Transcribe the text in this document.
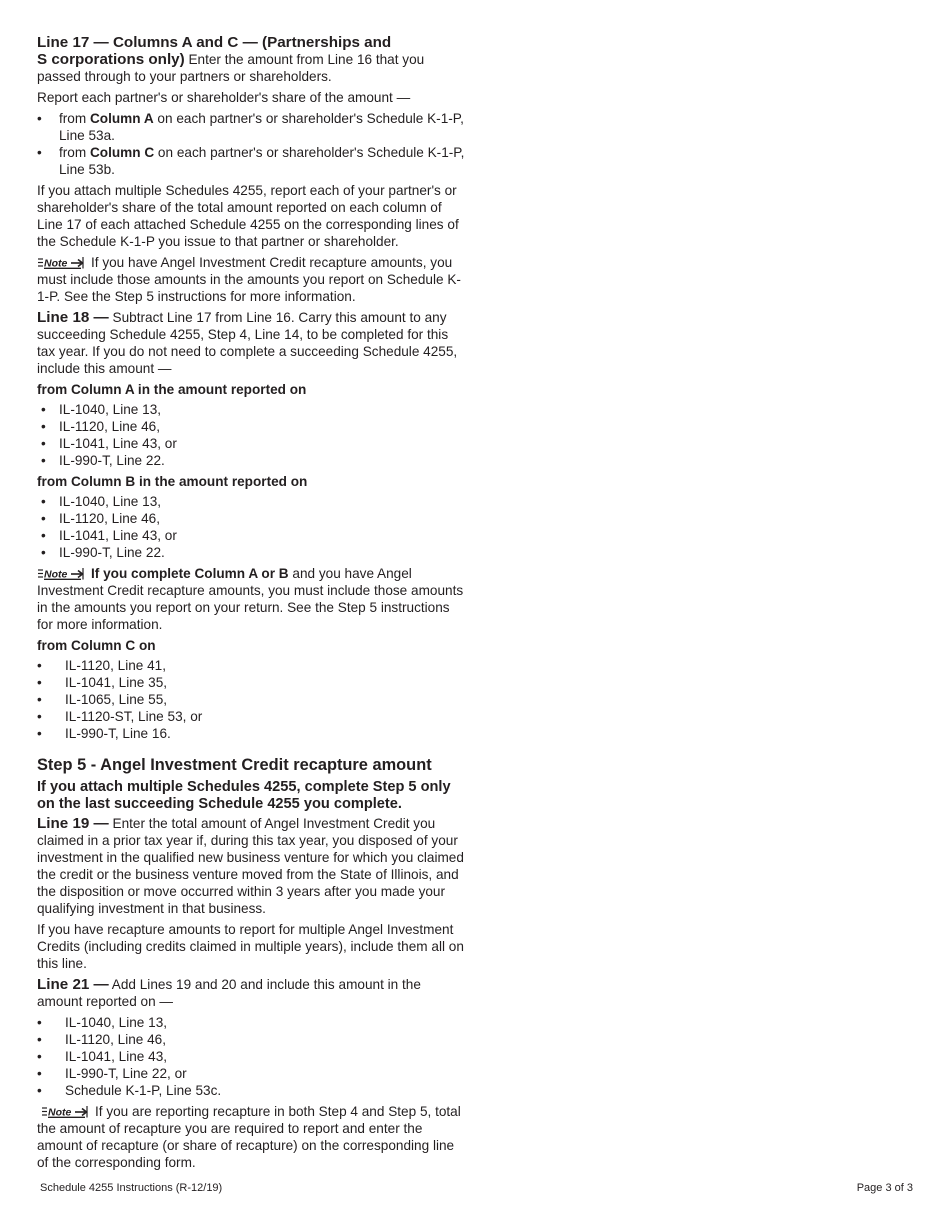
Line 17 — Columns A and C — (Partnerships and

S corporations only) Enter the amount from Line 16 that you passed through to your partners or shareholders.

Report each partner's or shareholder's share of the amount —

• from Column A on each partner's or shareholder's Schedule K-1-P, Line 53a.
• from Column C on each partner's or shareholder's Schedule K-1-P, Line 53b.

If you attach multiple Schedules 4255, report each of your partner's or shareholder's share of the total amount reported on each column of Line 17 of each attached Schedule 4255 on the corresponding lines of the Schedule K-1-P you issue to that partner or shareholder.

Note If you have Angel Investment Credit recapture amounts, you must include those amounts in the amounts you report on Schedule K-1-P. See the Step 5 instructions for more information.

Line 18 — Subtract Line 17 from Line 16. Carry this amount to any succeeding Schedule 4255, Step 4, Line 14, to be completed for this tax year. If you do not need to complete a succeeding Schedule 4255, include this amount —

from Column A in the amount reported on
• IL-1040, Line 13,
• IL-1120, Line 46,
• IL-1041, Line 43, or
• IL-990-T, Line 22.
from Column B in the amount reported on
• IL-1040, Line 13,
• IL-1120, Line 46,
• IL-1041, Line 43, or
• IL-990-T, Line 22.

Note If you complete Column A or B and you have Angel Investment Credit recapture amounts, you must include those amounts in the amounts you report on your return. See the Step 5 instructions for more information.

from Column C on
• IL-1120, Line 41,
• IL-1041, Line 35,
• IL-1065, Line 55,
• IL-1120-ST, Line 53, or
• IL-990-T, Line 16.
Step 5 - Angel Investment Credit recapture amount
If you attach multiple Schedules 4255, complete Step 5 only on the last succeeding Schedule 4255 you complete.

Line 19 — Enter the total amount of Angel Investment Credit you claimed in a prior tax year if, during this tax year, you disposed of your investment in the qualified new business venture for which you claimed the credit or the business venture moved from the State of Illinois, and the disposition or move occurred within 3 years after you made your qualifying investment in that business.

If you have recapture amounts to report for multiple Angel Investment Credits (including credits claimed in multiple years), include them all on this line.

Line 21 — Add Lines 19 and 20 and include this amount in the amount reported on —

• IL-1040, Line 13,
• IL-1120, Line 46,
• IL-1041, Line 43,
• IL-990-T, Line 22, or
• Schedule K-1-P, Line 53c.

Note If you are reporting recapture in both Step 4 and Step 5, total the amount of recapture you are required to report and enter the amount of recapture (or share of recapture) on the corresponding line of the corresponding form.

Schedule 4255 Instructions (R-12/19)	Page 3 of 3
